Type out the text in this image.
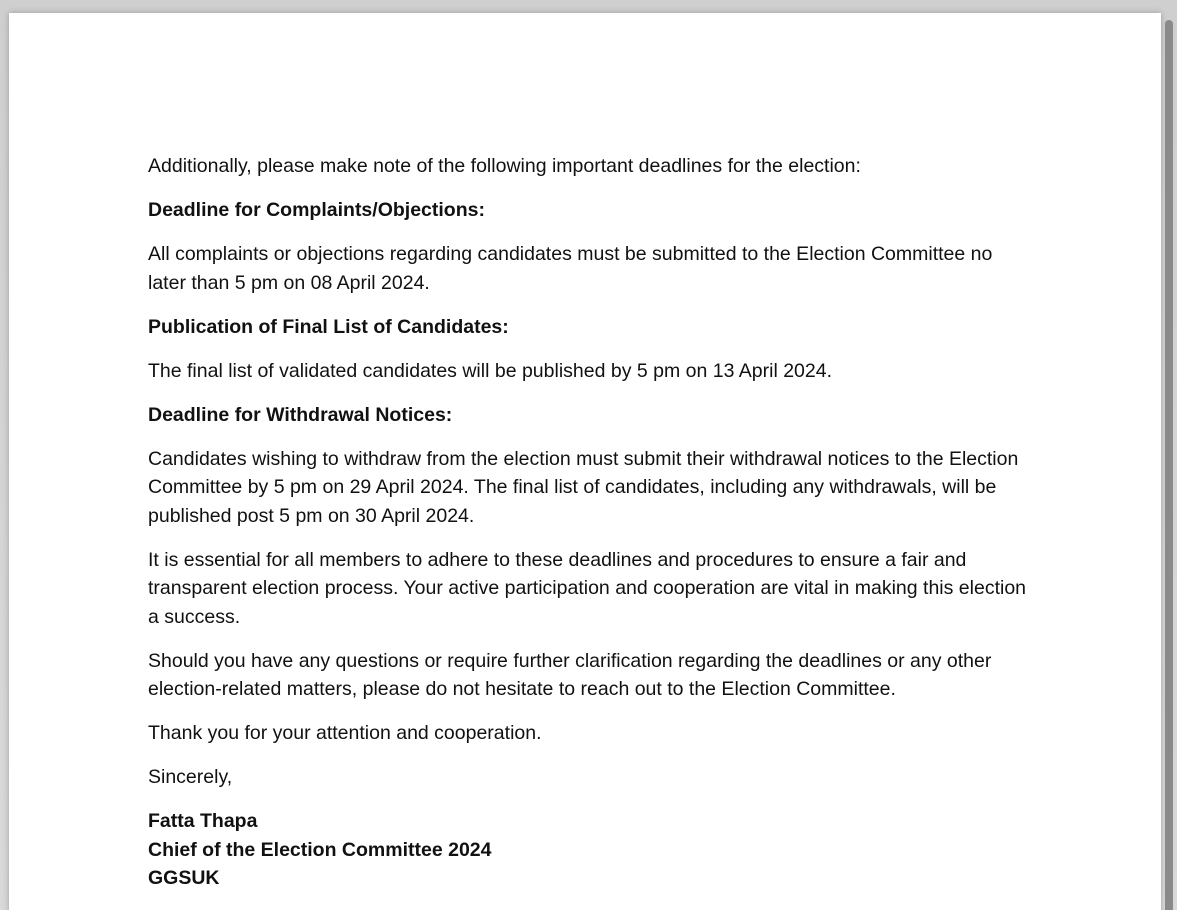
Additionally, please make note of the following important deadlines for the election:

Deadline for Complaints/Objections:

All complaints or objections regarding candidates must be submitted to the Election Committee no later than 5 pm on 08 April 2024.

Publication of Final List of Candidates:

The final list of validated candidates will be published by 5 pm on 13 April 2024.

Deadline for Withdrawal Notices:

Candidates wishing to withdraw from the election must submit their withdrawal notices to the Election Committee by 5 pm on 29 April 2024. The final list of candidates, including any withdrawals, will be published post 5 pm on 30 April 2024.

It is essential for all members to adhere to these deadlines and procedures to ensure a fair and transparent election process. Your active participation and cooperation are vital in making this election a success.

Should you have any questions or require further clarification regarding the deadlines or any other election-related matters, please do not hesitate to reach out to the Election Committee.

Thank you for your attention and cooperation.

Sincerely,

Fatta Thapa
Chief of the Election Committee 2024
GGSUK
